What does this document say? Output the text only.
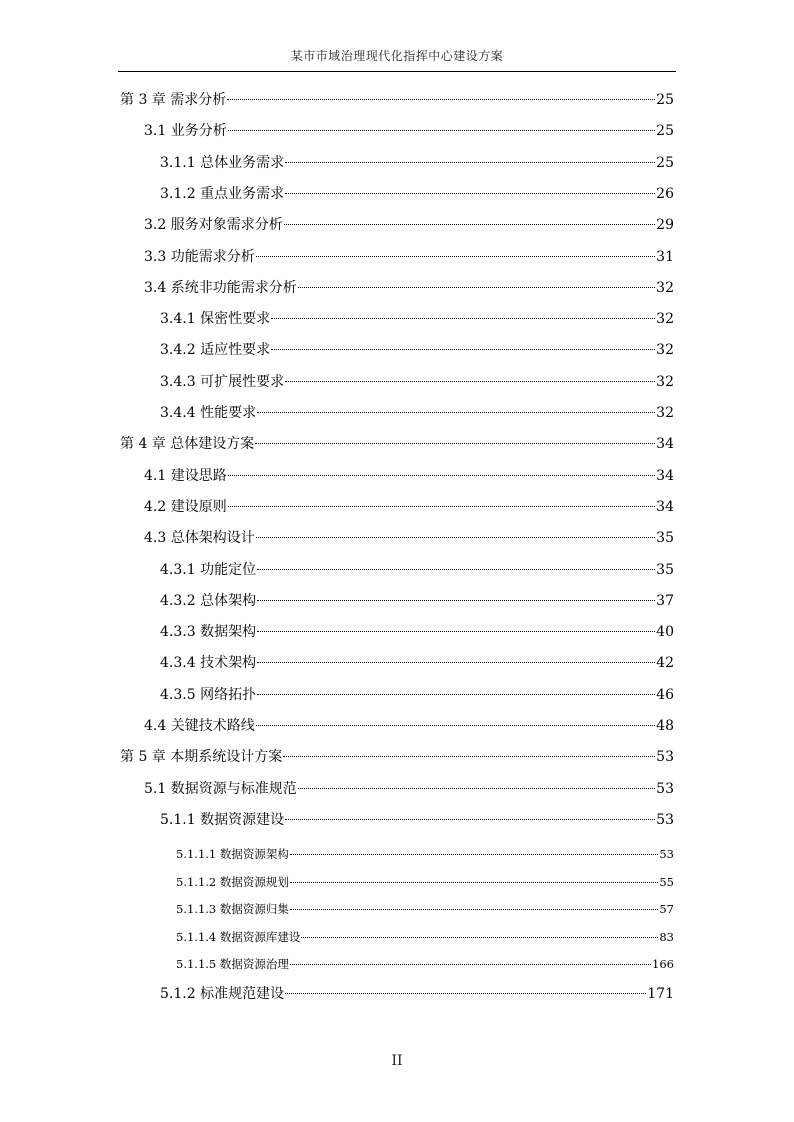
某市市域治理现代化指挥中心建设方案
第 3 章 需求分析	25
3.1 业务分析	25
3.1.1 总体业务需求	25
3.1.2 重点业务需求	26
3.2 服务对象需求分析	29
3.3 功能需求分析	31
3.4 系统非功能需求分析	32
3.4.1 保密性要求	32
3.4.2 适应性要求	32
3.4.3 可扩展性要求	32
3.4.4 性能要求	32
第 4 章 总体建设方案	34
4.1 建设思路	34
4.2 建设原则	34
4.3 总体架构设计	35
4.3.1 功能定位	35
4.3.2 总体架构	37
4.3.3 数据架构	40
4.3.4 技术架构	42
4.3.5 网络拓扑	46
4.4 关键技术路线	48
第 5 章 本期系统设计方案	53
5.1 数据资源与标准规范	53
5.1.1 数据资源建设	53
5.1.1.1 数据资源架构	53
5.1.1.2 数据资源规划	55
5.1.1.3 数据资源归集	57
5.1.1.4 数据资源库建设	83
5.1.1.5 数据资源治理	166
5.1.2 标准规范建设	171
II
